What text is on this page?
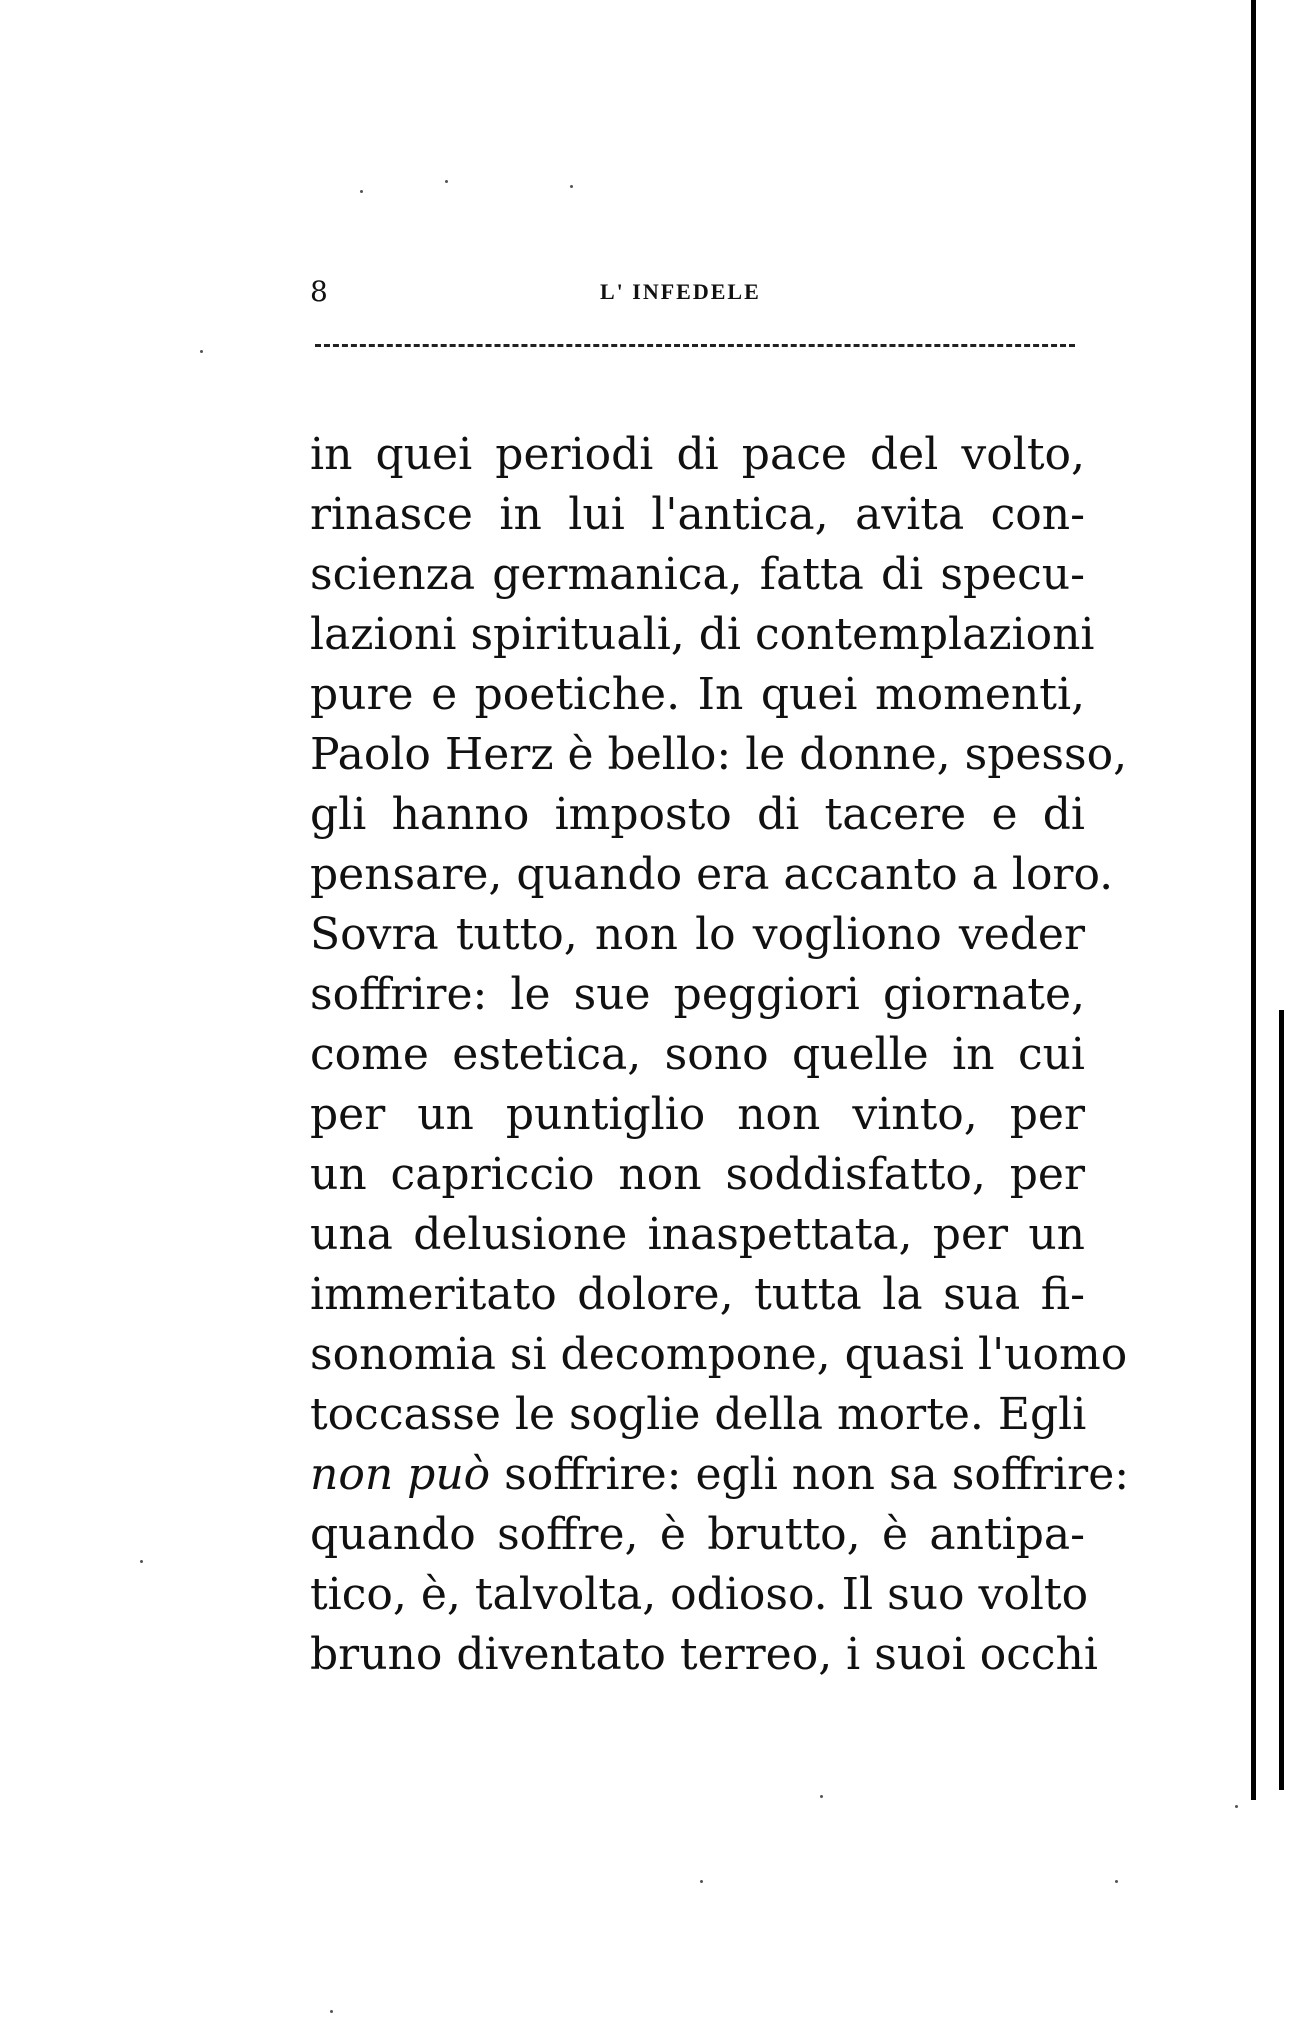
8	L' INFEDELE
in quei periodi di pace del volto,
rinasce in lui l'antica, avita con-
scienza germanica, fatta di specu-
lazioni spirituali, di contemplazioni
pure e poetiche. In quei momenti,
Paolo Herz è bello: le donne, spesso,
gli hanno imposto di tacere e di
pensare, quando era accanto a loro.
Sovra tutto, non lo vogliono veder
soffrire: le sue peggiori giornate,
come estetica, sono quelle in cui
per un puntiglio non vinto, per
un capriccio non soddisfatto, per
una delusione inaspettata, per un
immeritato dolore, tutta la sua fi-
sonomia si decompone, quasi l'uomo
toccasse le soglie della morte. Egli
non può soffrire: egli non sa soffrire:
quando soffre, è brutto, è antipa-
tico, è, talvolta, odioso. Il suo volto
bruno diventato terreo, i suoi occhi
